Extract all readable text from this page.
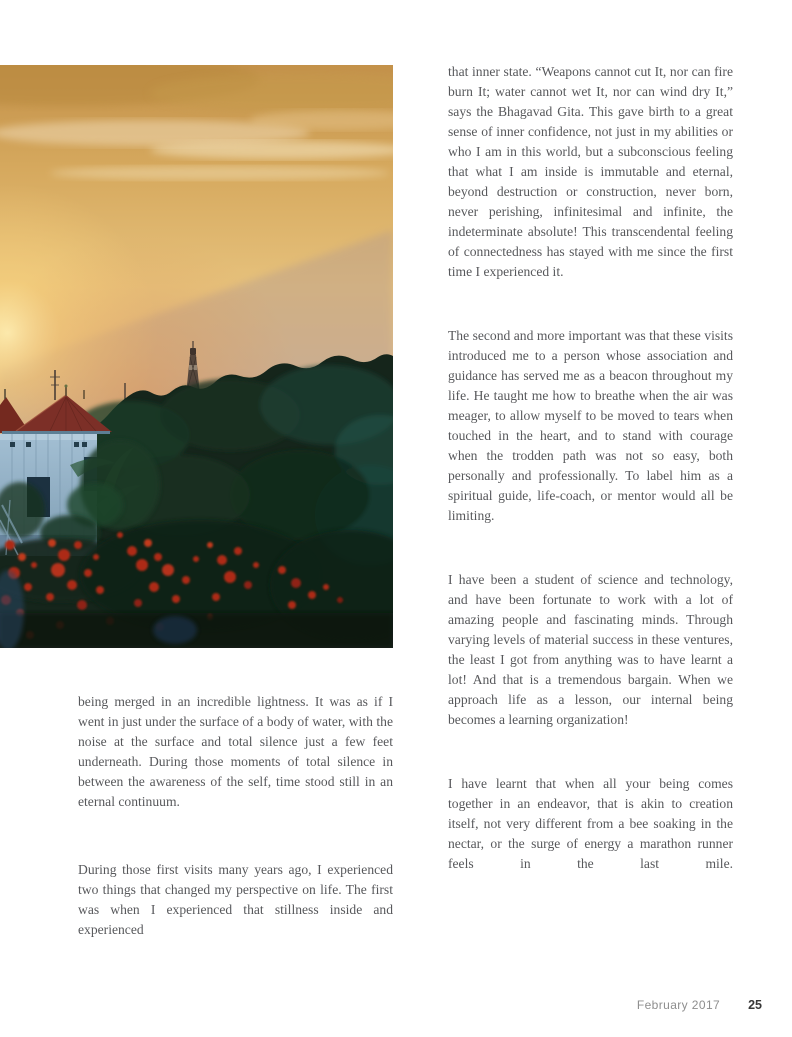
that inner state. “Weapons cannot cut It, nor can fire burn It; water cannot wet It, nor can wind dry It,” says the Bhagavad Gita. This gave birth to a great sense of inner confidence, not just in my abilities or who I am in this world, but a subconscious feeling that what I am inside is immutable and eternal, beyond destruction or construction, never born, never perishing, infinitesimal and infinite, the indeterminate absolute! This transcendental feeling of connectedness has stayed with me since the first time I experienced it.

The second and more important was that these visits introduced me to a person whose association and guidance has served me as a beacon throughout my life. He taught me how to breathe when the air was meager, to allow myself to be moved to tears when touched in the heart, and to stand with courage when the trodden path was not so easy, both personally and professionally. To label him as a spiritual guide, life-coach, or mentor would all be limiting.

I have been a student of science and technology, and have been fortunate to work with a lot of amazing people and fascinating minds. Through varying levels of material success in these ventures, the least I got from anything was to have learnt a lot! And that is a tremendous bargain. When we approach life as a lesson, our internal being becomes a learning organization!

I have learnt that when all your being comes together in an endeavor, that is akin to creation itself, not very different from a bee soaking in the nectar, or the surge of energy a marathon runner feels in the last mile.

being merged in an incredible lightness. It was as if I went in just under the surface of a body of water, with the noise at the surface and total silence just a few feet underneath. During those moments of total silence in between the awareness of the self, time stood still in an eternal continuum.

During those first visits many years ago, I experienced two things that changed my perspective on life. The first was when I experienced that stillness inside and experienced

February 2017 25
